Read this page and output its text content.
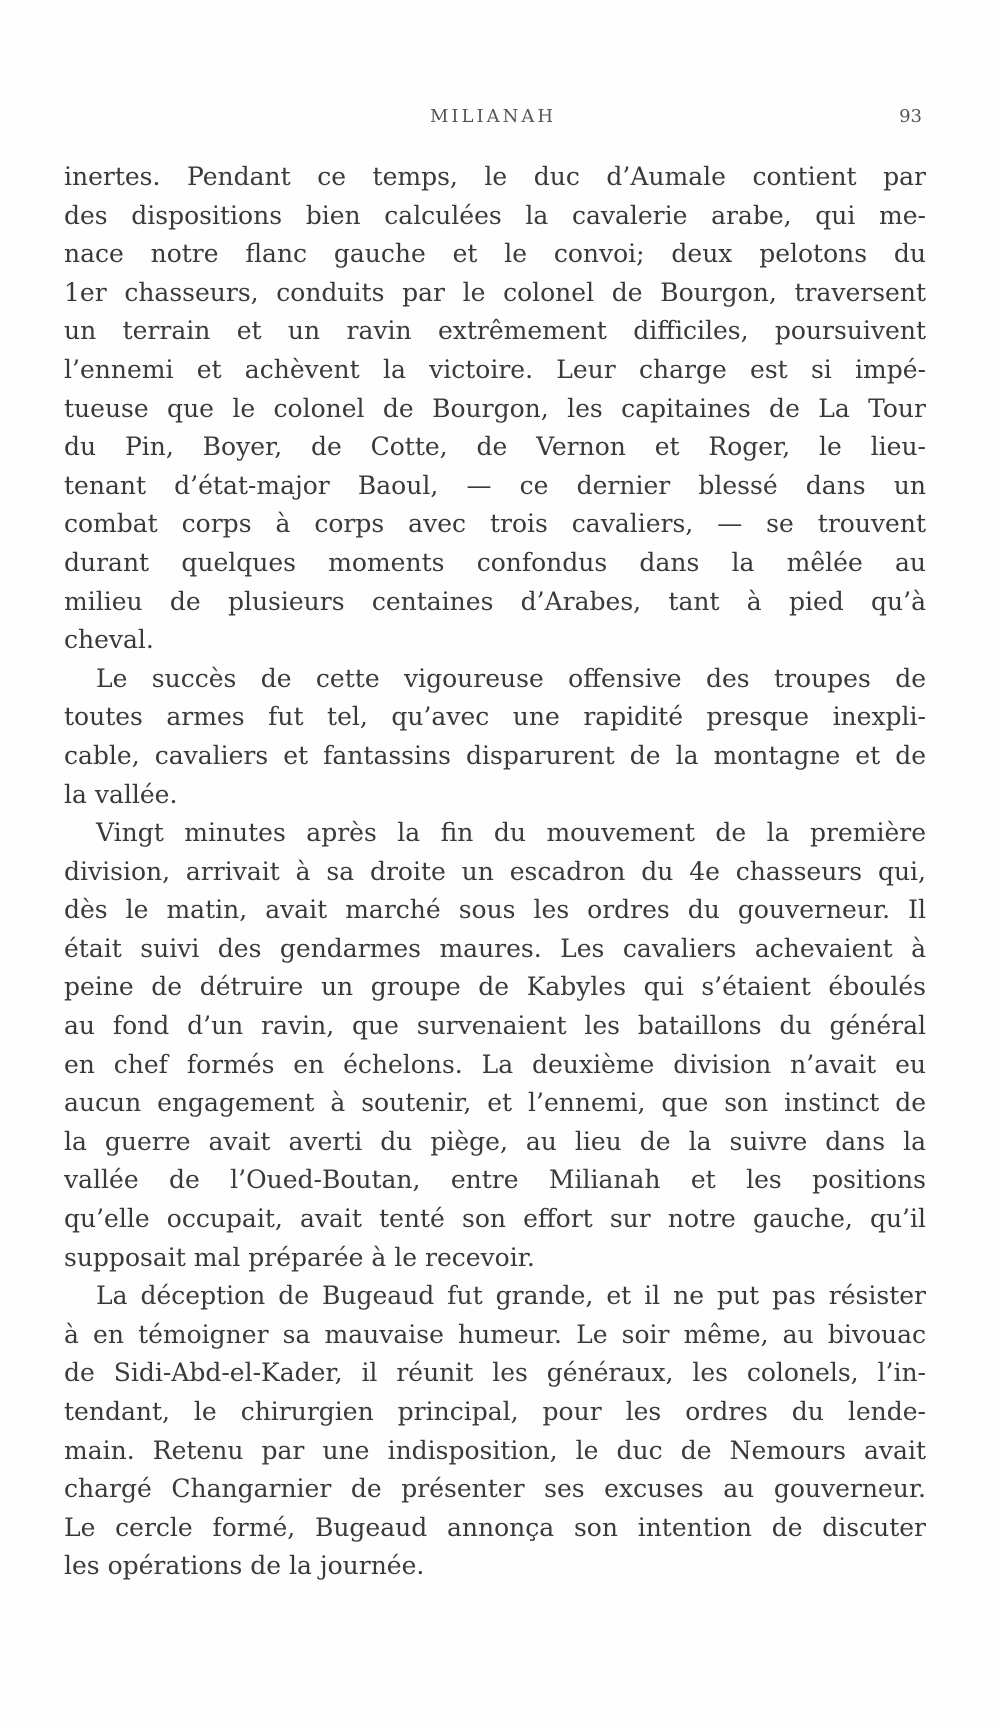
MILIANAH	93
inertes. Pendant ce temps, le duc d’Aumale contient par
des dispositions bien calculées la cavalerie arabe, qui me-
nace notre flanc gauche et le convoi; deux pelotons du
1er chasseurs, conduits par le colonel de Bourgon, traversent
un terrain et un ravin extrêmement difficiles, poursuivent
l’ennemi et achèvent la victoire. Leur charge est si impé-
tueuse que le colonel de Bourgon, les capitaines de La Tour
du Pin, Boyer, de Cotte, de Vernon et Roger, le lieu-
tenant d’état-major Baoul, — ce dernier blessé dans un
combat corps à corps avec trois cavaliers, — se trouvent
durant quelques moments confondus dans la mêlée au
milieu de plusieurs centaines d’Arabes, tant à pied qu’à
cheval.
Le succès de cette vigoureuse offensive des troupes de
toutes armes fut tel, qu’avec une rapidité presque inexpli-
cable, cavaliers et fantassins disparurent de la montagne et de
la vallée.
Vingt minutes après la fin du mouvement de la première
division, arrivait à sa droite un escadron du 4e chasseurs qui,
dès le matin, avait marché sous les ordres du gouverneur. Il
était suivi des gendarmes maures. Les cavaliers achevaient à
peine de détruire un groupe de Kabyles qui s’étaient éboulés
au fond d’un ravin, que survenaient les bataillons du général
en chef formés en échelons. La deuxième division n’avait eu
aucun engagement à soutenir, et l’ennemi, que son instinct de
la guerre avait averti du piège, au lieu de la suivre dans la
vallée de l’Oued-Boutan, entre Milianah et les positions
qu’elle occupait, avait tenté son effort sur notre gauche, qu’il
supposait mal préparée à le recevoir.
La déception de Bugeaud fut grande, et il ne put pas résister
à en témoigner sa mauvaise humeur. Le soir même, au bivouac
de Sidi-Abd-el-Kader, il réunit les généraux, les colonels, l’in-
tendant, le chirurgien principal, pour les ordres du lende-
main. Retenu par une indisposition, le duc de Nemours avait
chargé Changarnier de présenter ses excuses au gouverneur.
Le cercle formé, Bugeaud annonça son intention de discuter
les opérations de la journée.
